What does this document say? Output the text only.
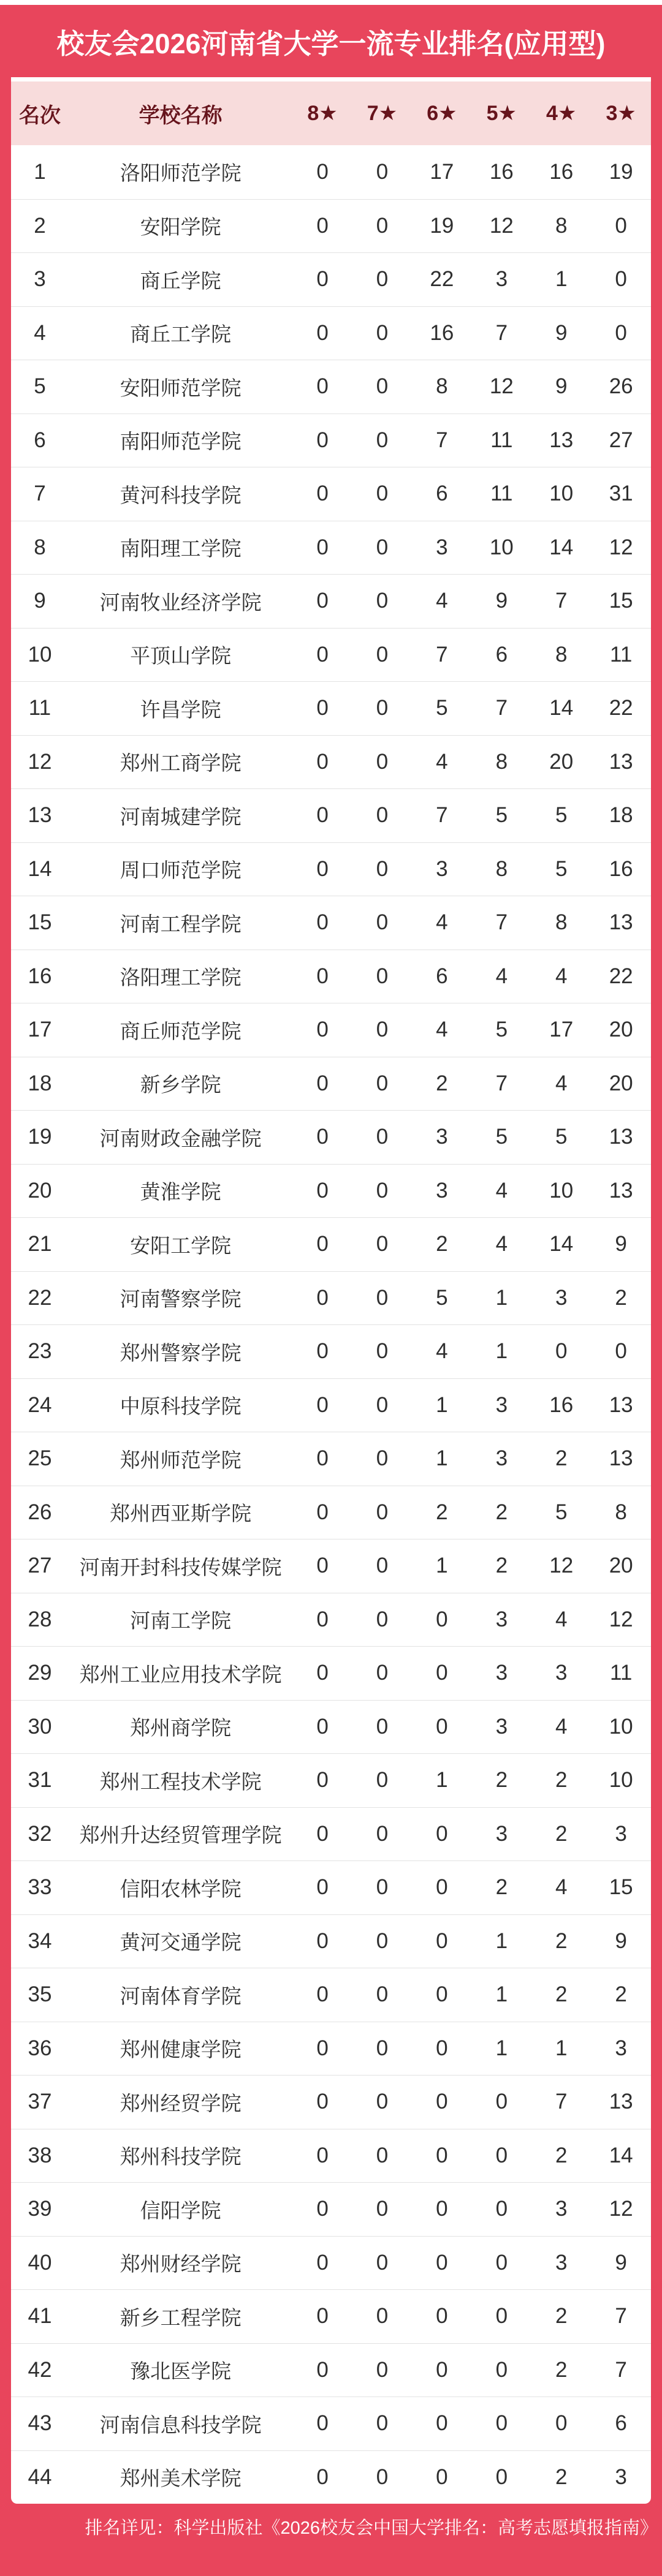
校友会2026河南省大学一流专业排名(应用型)
名次	学校名称	8★	7★	6★	5★	4★	3★
1	洛阳师范学院	0	0	17	16	16	19
2	安阳学院	0	0	19	12	8	0
3	商丘学院	0	0	22	3	1	0
4	商丘工学院	0	0	16	7	9	0
5	安阳师范学院	0	0	8	12	9	26
6	南阳师范学院	0	0	7	11	13	27
7	黄河科技学院	0	0	6	11	10	31
8	南阳理工学院	0	0	3	10	14	12
9	河南牧业经济学院	0	0	4	9	7	15
10	平顶山学院	0	0	7	6	8	11
11	许昌学院	0	0	5	7	14	22
12	郑州工商学院	0	0	4	8	20	13
13	河南城建学院	0	0	7	5	5	18
14	周口师范学院	0	0	3	8	5	16
15	河南工程学院	0	0	4	7	8	13
16	洛阳理工学院	0	0	6	4	4	22
17	商丘师范学院	0	0	4	5	17	20
18	新乡学院	0	0	2	7	4	20
19	河南财政金融学院	0	0	3	5	5	13
20	黄淮学院	0	0	3	4	10	13
21	安阳工学院	0	0	2	4	14	9
22	河南警察学院	0	0	5	1	3	2
23	郑州警察学院	0	0	4	1	0	0
24	中原科技学院	0	0	1	3	16	13
25	郑州师范学院	0	0	1	3	2	13
26	郑州西亚斯学院	0	0	2	2	5	8
27	河南开封科技传媒学院	0	0	1	2	12	20
28	河南工学院	0	0	0	3	4	12
29	郑州工业应用技术学院	0	0	0	3	3	11
30	郑州商学院	0	0	0	3	4	10
31	郑州工程技术学院	0	0	1	2	2	10
32	郑州升达经贸管理学院	0	0	0	3	2	3
33	信阳农林学院	0	0	0	2	4	15
34	黄河交通学院	0	0	0	1	2	9
35	河南体育学院	0	0	0	1	2	2
36	郑州健康学院	0	0	0	1	1	3
37	郑州经贸学院	0	0	0	0	7	13
38	郑州科技学院	0	0	0	0	2	14
39	信阳学院	0	0	0	0	3	12
40	郑州财经学院	0	0	0	0	3	9
41	新乡工程学院	0	0	0	0	2	7
42	豫北医学院	0	0	0	0	2	7
43	河南信息科技学院	0	0	0	0	0	6
44	郑州美术学院	0	0	0	0	2	3
排名详见：科学出版社《2026校友会中国大学排名：高考志愿填报指南》
